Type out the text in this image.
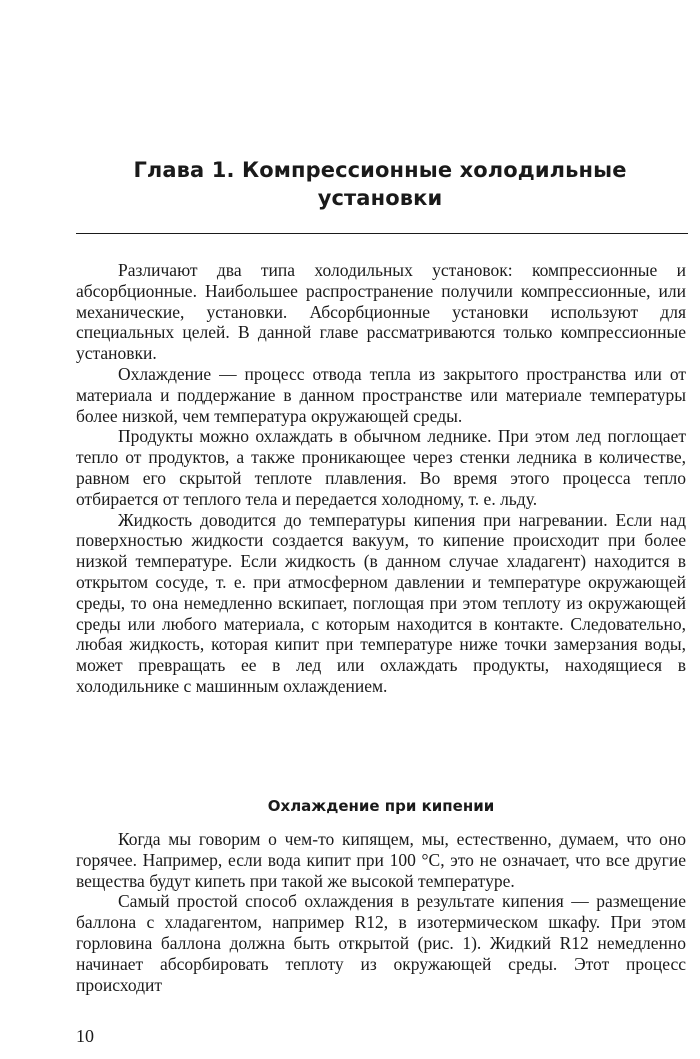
Глава 1. Компрессионные холодильные
установки

Различают два типа холодильных установок: компрессионные и абсорбционные. Наибольшее распространение получили компрессионные, или механические, установки. Абсорбционные установки используют для специальных целей. В данной главе рассматриваются только компрессионные установки.

Охлаждение — процесс отвода тепла из закрытого пространства или от материала и поддержание в данном пространстве или материале температуры более низкой, чем температура окружающей среды.

Продукты можно охлаждать в обычном леднике. При этом лед поглощает тепло от продуктов, а также проникающее через стенки ледника в количестве, равном его скрытой теплоте плавления. Во время этого процесса тепло отбирается от теплого тела и передается холодному, т. е. льду.

Жидкость доводится до температуры кипения при нагревании. Если над поверхностью жидкости создается вакуум, то кипение происходит при более низкой температуре. Если жидкость (в данном случае хладагент) находится в открытом сосуде, т. е. при атмосферном давлении и температуре окружающей среды, то она немедленно вскипает, поглощая при этом теплоту из окружающей среды или любого материала, с которым находится в контакте. Следовательно, любая жидкость, которая кипит при температуре ниже точки замерзания воды, может превращать ее в лед или охлаждать продукты, находящиеся в холодильнике с машинным охлаждением.

Охлаждение при кипении

Когда мы говорим о чем-то кипящем, мы, естественно, думаем, что оно горячее. Например, если вода кипит при 100 °C, это не означает, что все другие вещества будут кипеть при такой же высокой температуре.

Самый простой способ охлаждения в результате кипения — размещение баллона с хладагентом, например R12, в изотермическом шкафу. При этом горловина баллона должна быть открытой (рис. 1). Жидкий R12 немедленно начинает абсорбировать теплоту из окружающей среды. Этот процесс происходит

10
